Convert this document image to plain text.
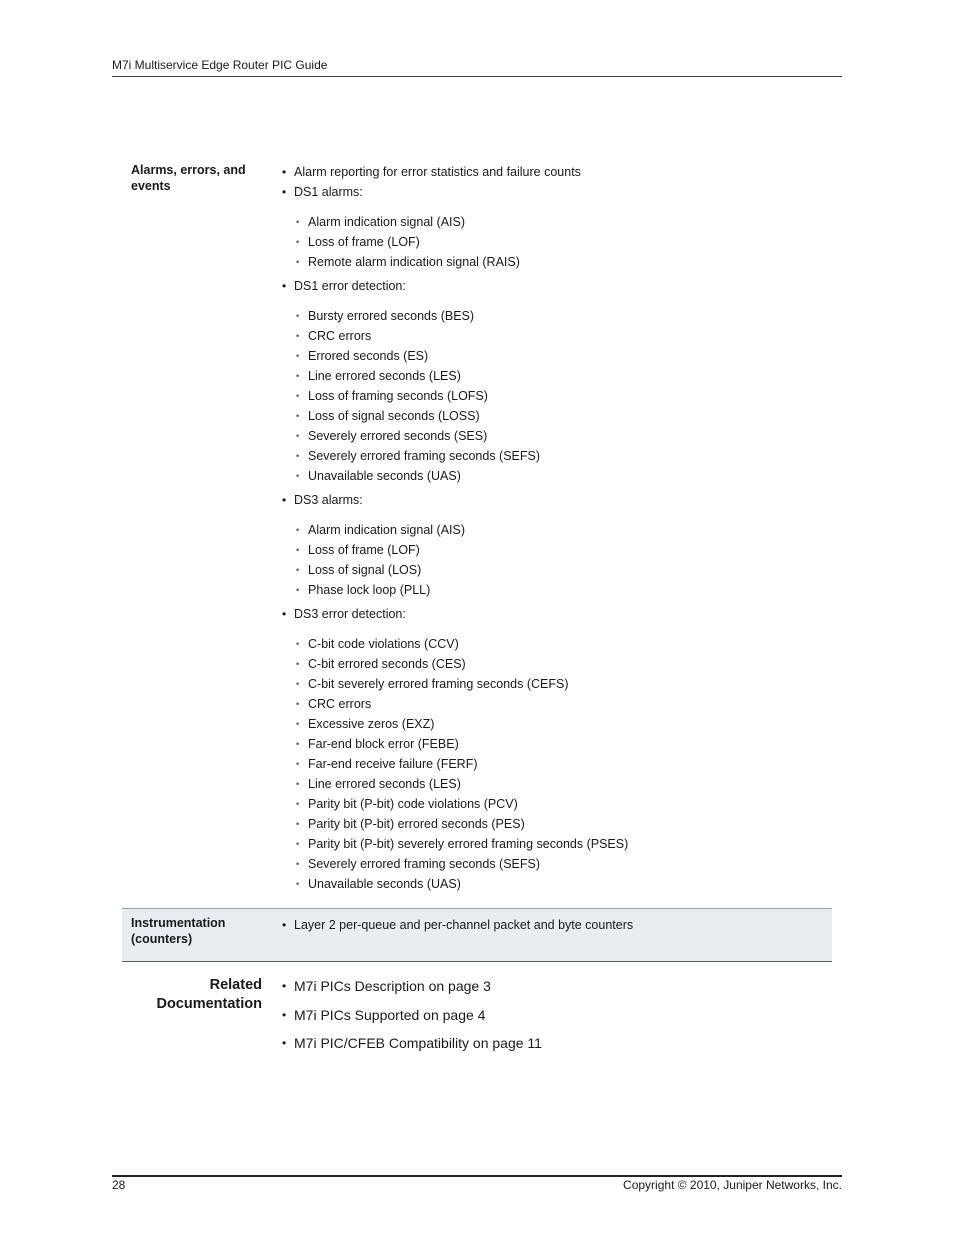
M7i Multiservice Edge Router PIC Guide
Alarms, errors, and events
• Alarm reporting for error statistics and failure counts
• DS1 alarms:
• Alarm indication signal (AIS)
• Loss of frame (LOF)
• Remote alarm indication signal (RAIS)
• DS1 error detection:
• Bursty errored seconds (BES)
• CRC errors
• Errored seconds (ES)
• Line errored seconds (LES)
• Loss of framing seconds (LOFS)
• Loss of signal seconds (LOSS)
• Severely errored seconds (SES)
• Severely errored framing seconds (SEFS)
• Unavailable seconds (UAS)
• DS3 alarms:
• Alarm indication signal (AIS)
• Loss of frame (LOF)
• Loss of signal (LOS)
• Phase lock loop (PLL)
• DS3 error detection:
• C-bit code violations (CCV)
• C-bit errored seconds (CES)
• C-bit severely errored framing seconds (CEFS)
• CRC errors
• Excessive zeros (EXZ)
• Far-end block error (FEBE)
• Far-end receive failure (FERF)
• Line errored seconds (LES)
• Parity bit (P-bit) code violations (PCV)
• Parity bit (P-bit) errored seconds (PES)
• Parity bit (P-bit) severely errored framing seconds (PSES)
• Severely errored framing seconds (SEFS)
• Unavailable seconds (UAS)
Instrumentation (counters)
• Layer 2 per-queue and per-channel packet and byte counters
Related Documentation
• M7i PICs Description on page 3
• M7i PICs Supported on page 4
• M7i PIC/CFEB Compatibility on page 11
28	Copyright © 2010, Juniper Networks, Inc.
